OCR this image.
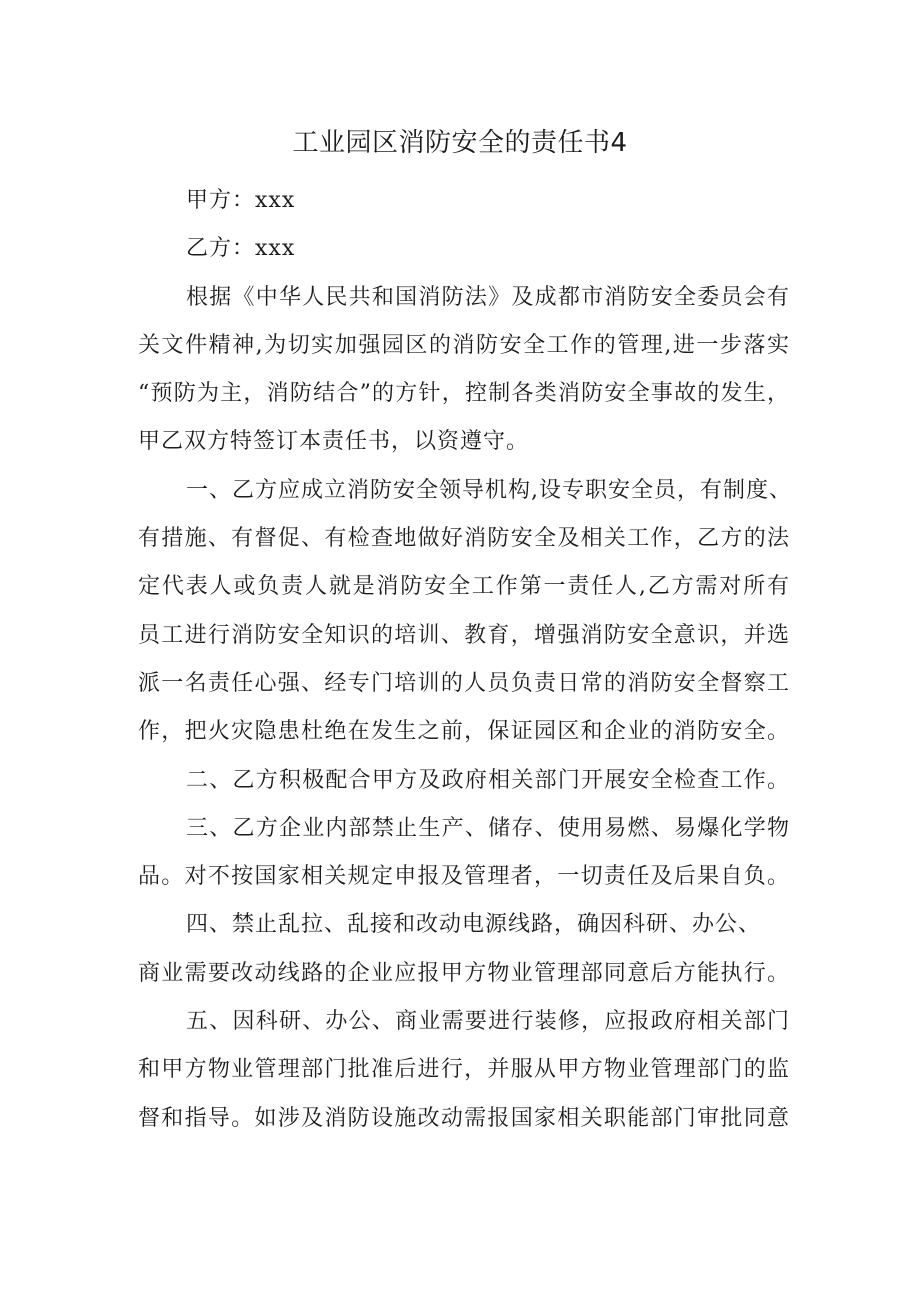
工业园区消防安全的责任书4
甲方：xxx
乙方：xxx
根据《中华人民共和国消防法》及成都市消防安全委员会有
关文件精神,为切实加强园区的消防安全工作的管理,进一步落实
“预防为主，消防结合”的方针，控制各类消防安全事故的发生，
甲乙双方特签订本责任书，以资遵守。
一、乙方应成立消防安全领导机构,设专职安全员，有制度、
有措施、有督促、有检查地做好消防安全及相关工作，乙方的法
定代表人或负责人就是消防安全工作第一责任人,乙方需对所有
员工进行消防安全知识的培训、教育，增强消防安全意识，并选
派一名责任心强、经专门培训的人员负责日常的消防安全督察工
作，把火灾隐患杜绝在发生之前，保证园区和企业的消防安全。
二、乙方积极配合甲方及政府相关部门开展安全检查工作。
三、乙方企业内部禁止生产、储存、使用易燃、易爆化学物
品。对不按国家相关规定申报及管理者，一切责任及后果自负。
四、禁止乱拉、乱接和改动电源线路，确因科研、办公、
商业需要改动线路的企业应报甲方物业管理部同意后方能执行。
五、因科研、办公、商业需要进行装修，应报政府相关部门
和甲方物业管理部门批准后进行，并服从甲方物业管理部门的监
督和指导。如涉及消防设施改动需报国家相关职能部门审批同意
